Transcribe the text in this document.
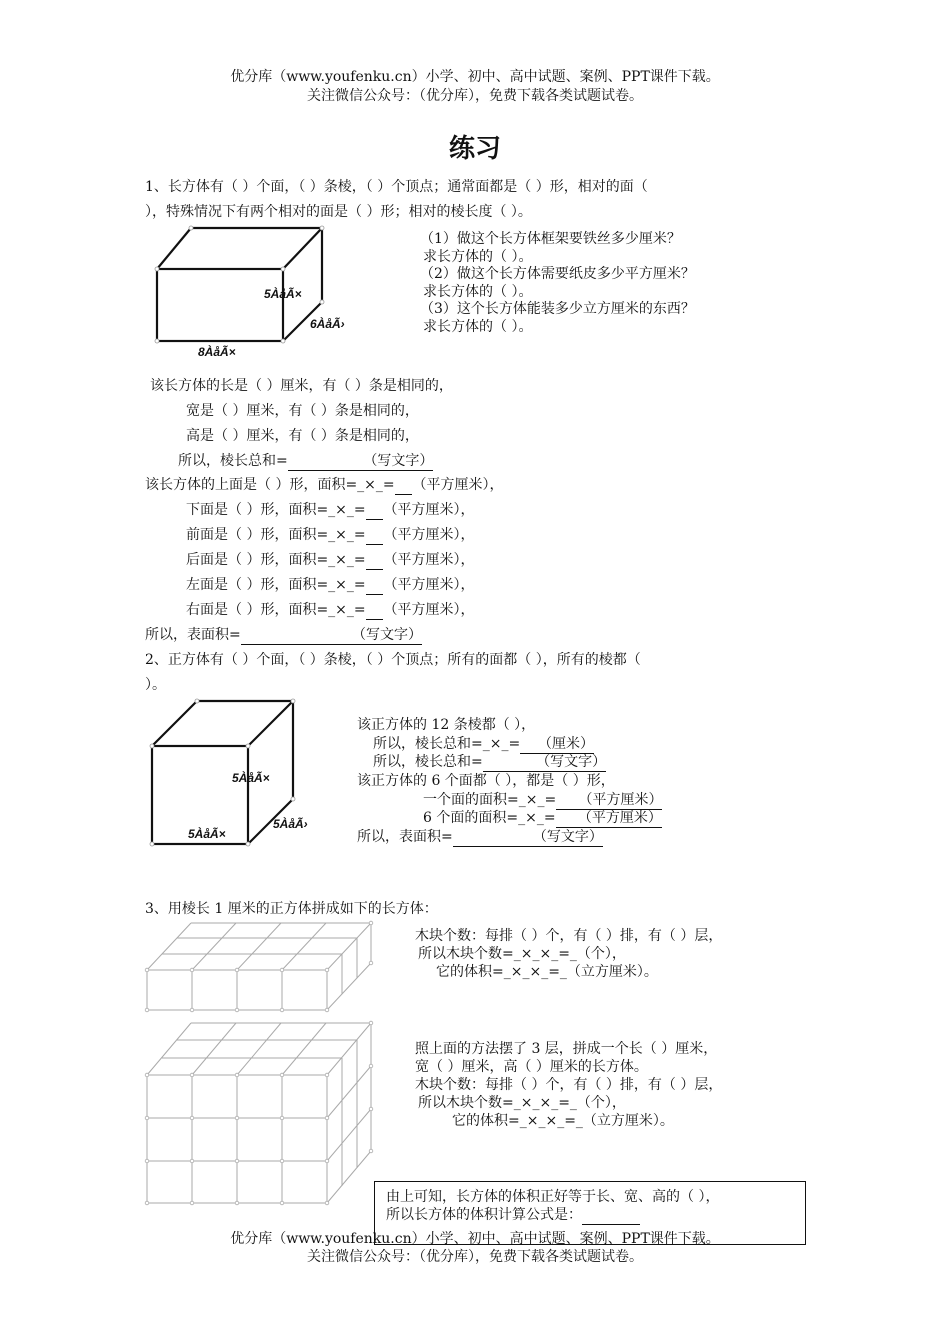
优分库（www.youfenku.cn）小学、初中、高中试题、案例、PPT课件下载。
关注微信公众号：（优分库），免费下载各类试题试卷。
练习
1、长方体有（ ）个面，（ ）条棱，（ ）个顶点；通常面都是（ ）形，相对的面（
），特殊情况下有两个相对的面是（ ）形；相对的棱长度（ ）。
5ÀåÃ×
6ÀåÃ›
8ÀåÃ×
（1）做这个长方体框架要铁丝多少厘米？
求长方体的（ ）。
（2）做这个长方体需要纸皮多少平方厘米？
求长方体的（ ）。
（3）这个长方体能装多少立方厘米的东西？
求长方体的（ ）。
该长方体的长是（ ）厘米，有（ ）条是相同的，
宽是（ ）厘米，有（ ）条是相同的，
高是（ ）厘米，有（ ）条是相同的，
所以，棱长总和=                 （写文字）
该长方体的上面是（ ）形，面积=_×_= （平方厘米），
下面是（ ）形，面积=_×_= （平方厘米），
前面是（ ）形，面积=_×_= （平方厘米），
后面是（ ）形，面积=_×_= （平方厘米），
左面是（ ）形，面积=_×_= （平方厘米），
右面是（ ）形，面积=_×_= （平方厘米），
所以，表面积=                         （写文字）
2、正方体有（ ）个面，（ ）条棱，（ ）个顶点；所有的面都（ ），所有的棱都（
）。
5ÀåÃ×
5ÀåÃ›
5ÀåÃ×
该正方体的 12 条棱都（ ），
所以，棱长总和=_×_=    （厘米）
所以，棱长总和=            （写文字）
该正方体的 6 个面都（ ），都是（ ）形，
一个面的面积=_×_=     （平方厘米）
6 个面的面积=_×_=     （平方厘米）
所以，表面积=                  （写文字）
3、用棱长 1 厘米的正方体拼成如下的长方体：
木块个数：每排（ ）个，有（ ）排，有（ ）层，
所以木块个数=_×_×_=_（个），
它的体积=_×_×_=_（立方厘米）。
照上面的方法摆了 3 层，拼成一个长（ ）厘米，
宽（ ）厘米，高（ ）厘米的长方体。
木块个数：每排（ ）个，有（ ）排，有（ ）层，
所以木块个数=_×_×_=_（个），
它的体积=_×_×_=_（立方厘米）。
由上可知，长方体的体积正好等于长、宽、高的（ ），
所以长方体的体积计算公式是：
优分库（www.youfenku.cn）小学、初中、高中试题、案例、PPT课件下载。
关注微信公众号：（优分库），免费下载各类试题试卷。
